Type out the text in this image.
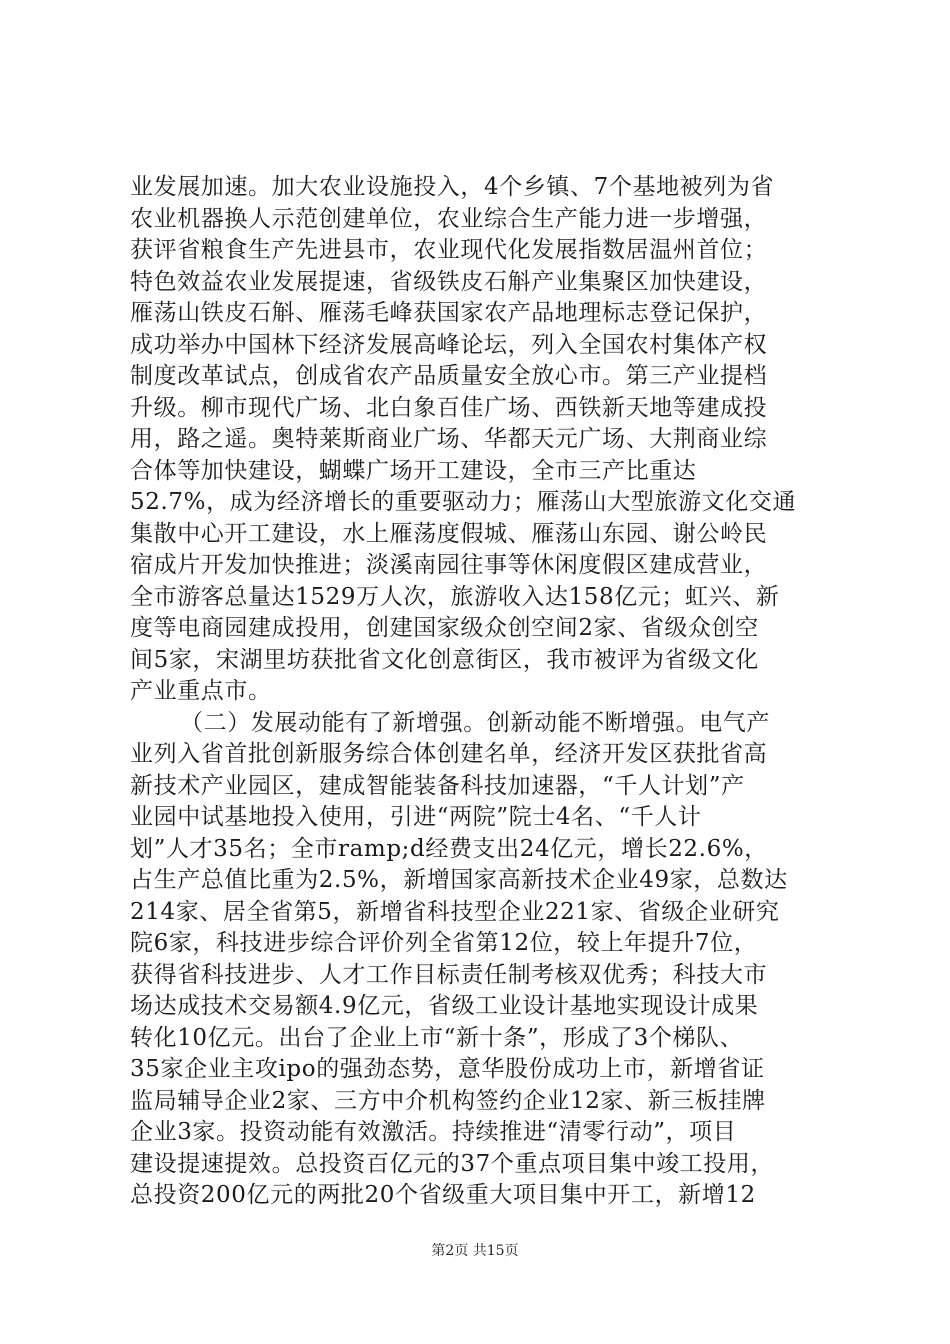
业发展加速。加大农业设施投入，4个乡镇、7个基地被列为省
农业机器换人示范创建单位，农业综合生产能力进一步增强，
获评省粮食生产先进县市，农业现代化发展指数居温州首位；
特色效益农业发展提速，省级铁皮石斛产业集聚区加快建设，
雁荡山铁皮石斛、雁荡毛峰获国家农产品地理标志登记保护，
成功举办中国林下经济发展高峰论坛，列入全国农村集体产权
制度改革试点，创成省农产品质量安全放心市。第三产业提档
升级。柳市现代广场、北白象百佳广场、西铁新天地等建成投
用，路之遥。奥特莱斯商业广场、华都天元广场、大荆商业综
合体等加快建设，蝴蝶广场开工建设，全市三产比重达
52.7%，成为经济增长的重要驱动力；雁荡山大型旅游文化交通
集散中心开工建设，水上雁荡度假城、雁荡山东园、谢公岭民
宿成片开发加快推进；淡溪南园往事等休闲度假区建成营业，
全市游客总量达1529万人次，旅游收入达158亿元；虹兴、新
度等电商园建成投用，创建国家级众创空间2家、省级众创空
间5家，宋湖里坊获批省文化创意街区，我市被评为省级文化
产业重点市。
（二）发展动能有了新增强。创新动能不断增强。电气产
业列入省首批创新服务综合体创建名单，经济开发区获批省高
新技术产业园区，建成智能装备科技加速器，“千人计划”产
业园中试基地投入使用，引进“两院”院士4名、“千人计
划”人才35名；全市ramp;d经费支出24亿元，增长22.6%，
占生产总值比重为2.5%，新增国家高新技术企业49家，总数达
214家、居全省第5，新增省科技型企业221家、省级企业研究
院6家，科技进步综合评价列全省第12位，较上年提升7位，
获得省科技进步、人才工作目标责任制考核双优秀；科技大市
场达成技术交易额4.9亿元，省级工业设计基地实现设计成果
转化10亿元。出台了企业上市“新十条”，形成了3个梯队、
35家企业主攻ipo的强劲态势，意华股份成功上市，新增省证
监局辅导企业2家、三方中介机构签约企业12家、新三板挂牌
企业3家。投资动能有效激活。持续推进“清零行动”，项目
建设提速提效。总投资百亿元的37个重点项目集中竣工投用，
总投资200亿元的两批20个省级重大项目集中开工，新增12
第2页 共15页
